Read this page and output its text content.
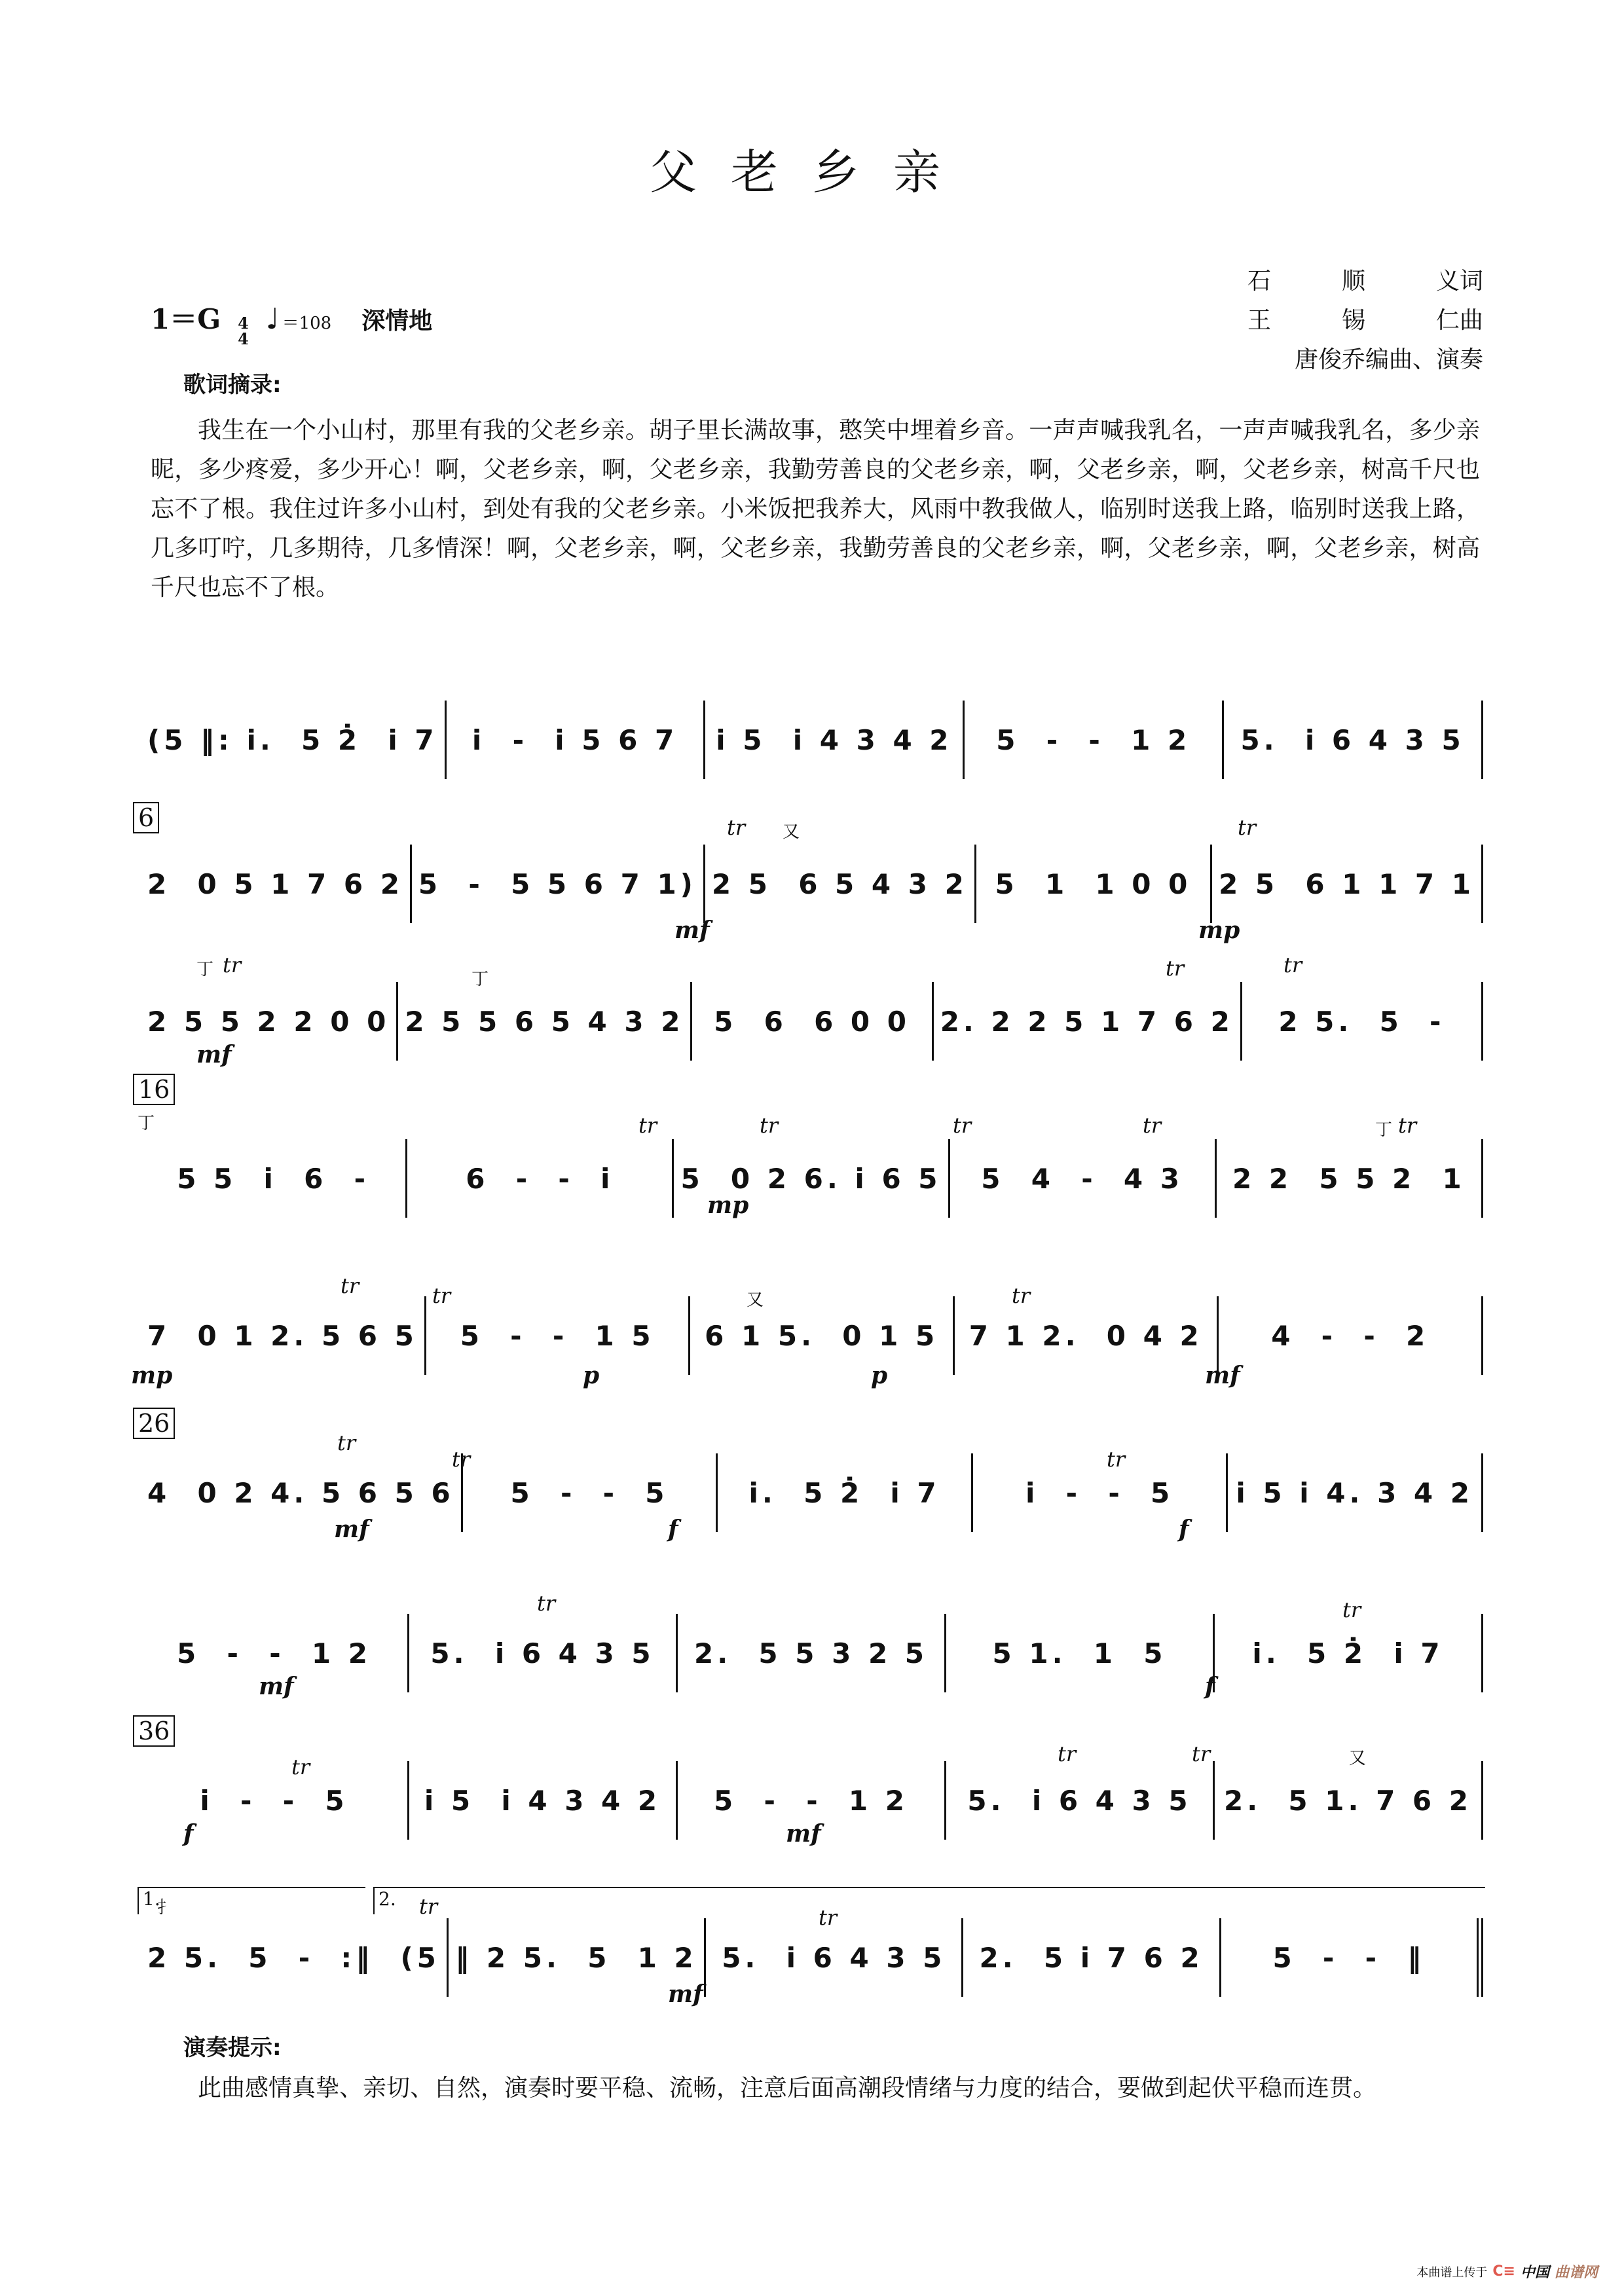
父老乡亲
石	顺	义词
王	锡	仁曲
唐俊乔编曲、演奏
1＝G 4
4
♩ ＝108 深情地
歌词摘录:
我生在一个小山村，那里有我的父老乡亲。胡子里长满故事，憨笑中埋着乡音。一声声喊我乳名，一声声喊我乳名，多少亲昵，多少疼爱，多少开心！啊，父老乡亲，啊，父老乡亲，我勤劳善良的父老乡亲，啊，父老乡亲，啊，父老乡亲，树高千尺也忘不了根。我住过许多小山村，到处有我的父老乡亲。小米饭把我养大，风雨中教我做人，临别时送我上路，临别时送我上路，几多叮咛，几多期待，几多情深！啊，父老乡亲，啊，父老乡亲，我勤劳善良的父老乡亲，啊，父老乡亲，啊，父老乡亲，树高千尺也忘不了根。
(5 ‖: i.  5 2̇  i 7 i  -  i 5 6 7 i 5  i 4 3 4 2 5  -  -  1 2 5.  i 6 4 3 5
6
2  0 5 1 7 6 2 5  -  5 5 6 7 1) 2 5  6 5 4 3 2 5  1  1 0 0 2 5  6 1 1 7 1
tr 又	tr
mf	mp
2 5 5 2 2 0 0 2 5 5 6 5 4 3 2 5  6  6 0 0 2. 2 2 5 1 7 6 2 2 5.  5  -
丁 tr
丁	tr	tr
mf
16
5 5  i  6  -	6  -  -  i 5  0 2 6. i 6 5 5  4  -  4 3 2 2  5 5 2  1
丁	tr	tr	tr	tr	丁 tr
mp
7  0 1 2. 5 6 5 5  -  -  1 5 6 1 5.  0 1 5 7 1 2.  0 4 2 4  -  -  2
tr	tr	又	tr
mp	p	p	mf
26
4  0 2 4. 5 6 5 6 5  -  -  5	i.  5 2̇  i 7	i  -  -  5 i 5 i 4. 3 4 2
tr
tr	tr
mf	f	f
5  -  -  1 2 5.  i 6 4 3 5 2.  5 5 3 2 5 5 1.  1  5	i.  5 2̇  i 7
tr	tr
mf	f
36
i  -  -  5	i 5  i 4 3 4 2 5  -  -  1 2 5.  i 6 4 3 5 2.  5 1. 7 6 2
tr
tr	tr	又
f	mf
1.	2.
2 5.  5  -  :‖  (5 ‖ 2 5.  5  1 2 5.  i 6 4 3 5 2.  5 i 7 6 2	5  -  -  ‖
扌	tr	tr
mf
演奏提示:
此曲感情真挚、亲切、自然，演奏时要平稳、流畅，注意后面高潮段情绪与力度的结合，要做到起伏平稳而连贯。
本曲谱上传于 C≡ 中国 曲谱网
